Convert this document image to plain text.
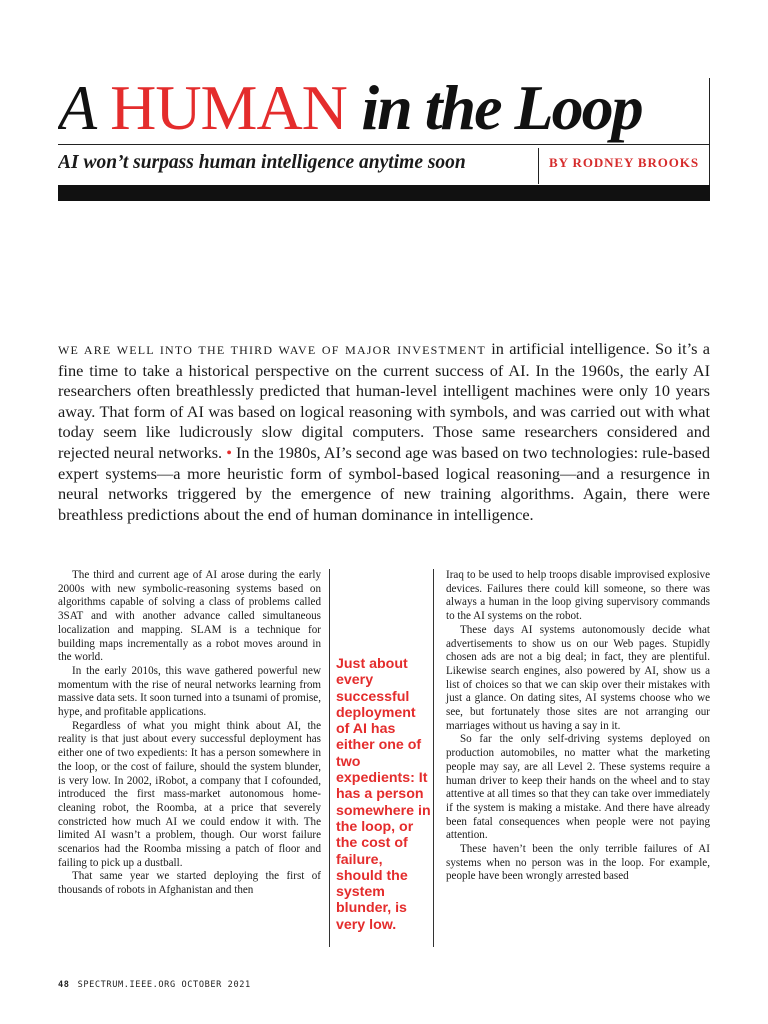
A HUMAN in the Loop
AI won’t surpass human intelligence anytime soon	BY RODNEY BROOKS
WE ARE WELL INTO THE THIRD WAVE OF MAJOR INVESTMENT in artificial intelligence. So it’s a fine time to take a historical perspective on the current success of AI. In the 1960s, the early AI researchers often breathlessly predicted that human-level intelligent machines were only 10 years away. That form of AI was based on logical reasoning with symbols, and was carried out with what today seem like ludicrously slow digital computers. Those same researchers considered and rejected neural networks. • In the 1980s, AI’s second age was based on two technologies: rule-based expert systems—a more heuristic form of symbol-based logical reasoning—and a resurgence in neural networks triggered by the emergence of new training algorithms. Again, there were breathless predictions about the end of human dominance in intelligence.

The third and current age of AI arose during the early 2000s with new symbolic-reasoning systems based on algorithms capable of solving a class of problems called 3SAT and with another advance called simultaneous localization and mapping. SLAM is a technique for building maps incrementally as a robot moves around in the world.

In the early 2010s, this wave gathered powerful new momentum with the rise of neural networks learning from massive data sets. It soon turned into a tsunami of promise, hype, and profitable applications.

Regardless of what you might think about AI, the reality is that just about every successful deployment has either one of two expedients: It has a person somewhere in the loop, or the cost of failure, should the system blunder, is very low. In 2002, iRobot, a company that I cofounded, introduced the first mass-market autonomous home-cleaning robot, the Roomba, at a price that severely constricted how much AI we could endow it with. The limited AI wasn’t a problem, though. Our worst failure scenarios had the Roomba missing a patch of floor and failing to pick up a dustball.

That same year we started deploying the first of thousands of robots in Afghanistan and then

Just about every successful deployment of AI has either one of two expedients: It has a person somewhere in the loop, or the cost of failure, should the system blunder, is very low.

Iraq to be used to help troops disable improvised explosive devices. Failures there could kill someone, so there was always a human in the loop giving supervisory commands to the AI systems on the robot.

These days AI systems autonomously decide what advertisements to show us on our Web pages. Stupidly chosen ads are not a big deal; in fact, they are plentiful. Likewise search engines, also powered by AI, show us a list of choices so that we can skip over their mistakes with just a glance. On dating sites, AI systems choose who we see, but fortunately those sites are not arranging our marriages without us having a say in it.

So far the only self-driving systems deployed on production automobiles, no matter what the marketing people may say, are all Level 2. These systems require a human driver to keep their hands on the wheel and to stay attentive at all times so that they can take over immediately if the system is making a mistake. And there have already been fatal consequences when people were not paying attention.

These haven’t been the only terrible failures of AI systems when no person was in the loop. For example, people have been wrongly arrested based

48 SPECTRUM.IEEE.ORG OCTOBER 2021
